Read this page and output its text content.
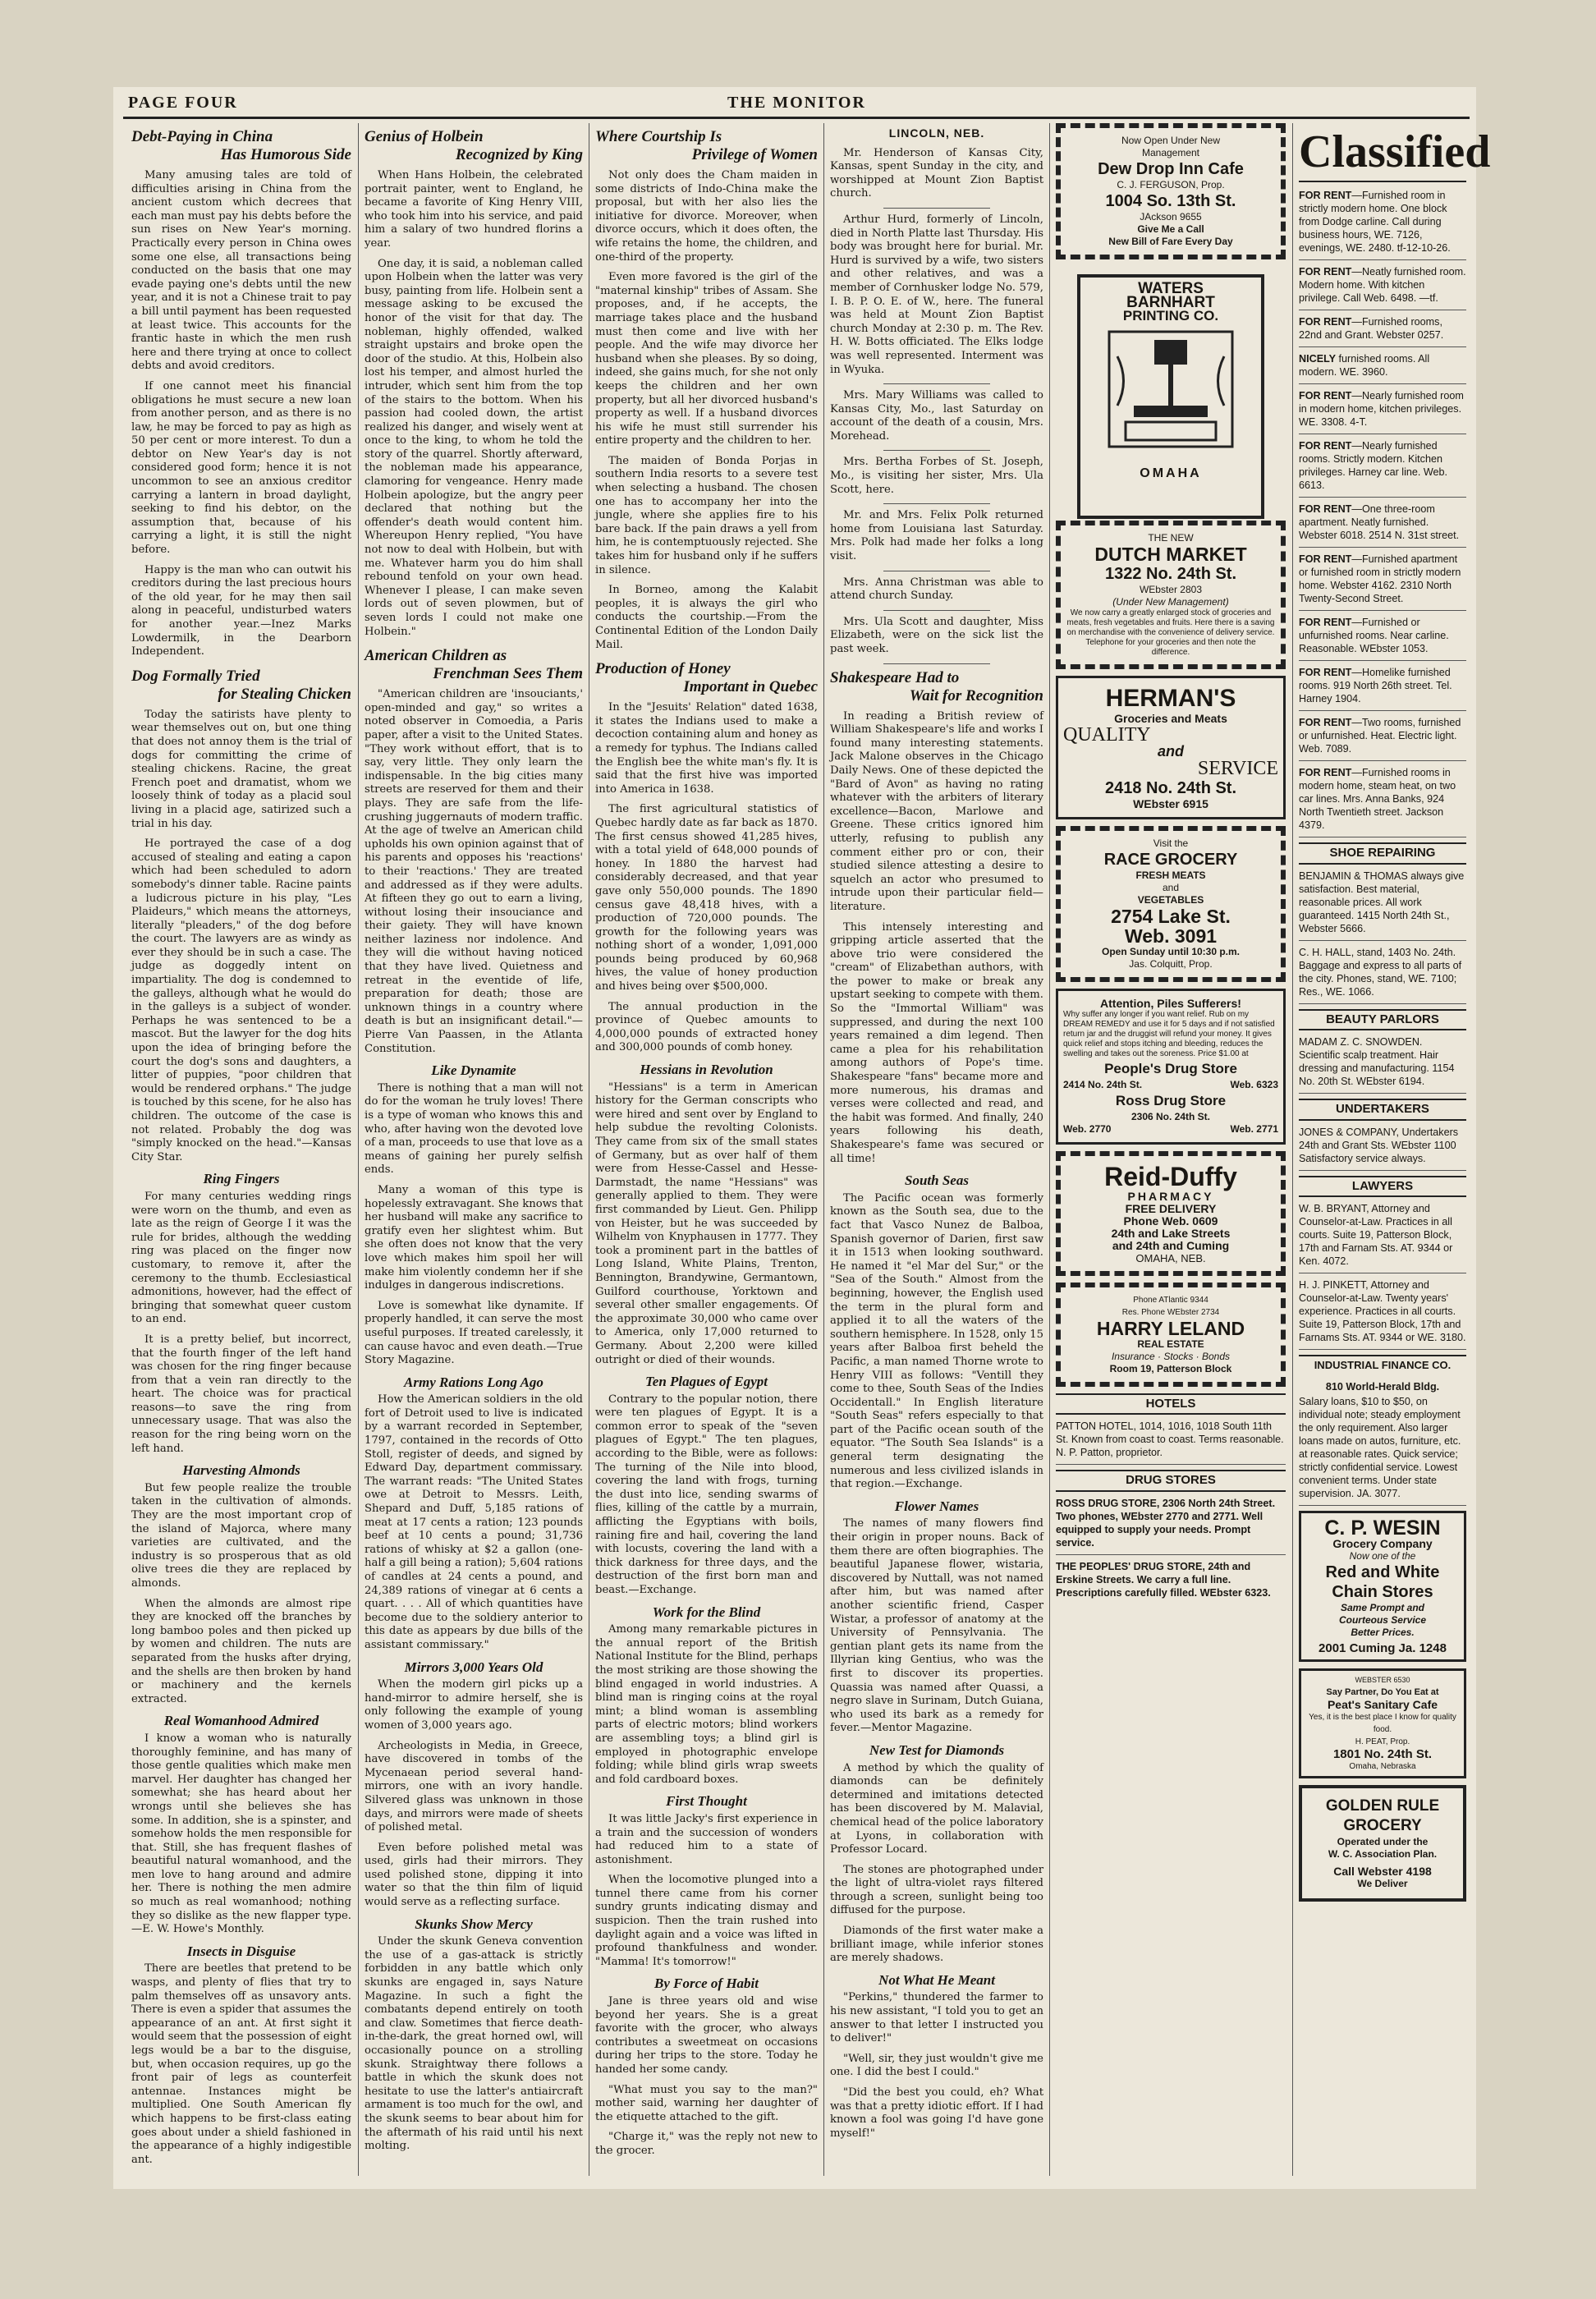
PAGE FOUR	THE MONITOR
Debt-Paying in China
Has Humorous Side
Many amusing tales are told of difficulties arising in China from the ancient custom which decrees that each man must pay his debts before the sun rises on New Year's morning. Practically every person in China owes some one else, all transactions being conducted on the basis that one may evade paying one's debts until the new year, and it is not a Chinese trait to pay a bill until payment has been requested at least twice. This accounts for the frantic haste in which the men rush here and there trying at once to collect debts and avoid creditors.
If one cannot meet his financial obligations he must secure a new loan from another person, and as there is no law, he may be forced to pay as high as 50 per cent or more interest. To dun a debtor on New Year's day is not considered good form; hence it is not uncommon to see an anxious creditor carrying a lantern in broad daylight, seeking to find his debtor, on the assumption that, because of his carrying a light, it is still the night before.
Happy is the man who can outwit his creditors during the last precious hours of the old year, for he may then sail along in peaceful, undisturbed waters for another year.—Inez Marks Lowdermilk, in the Dearborn Independent.
Dog Formally Tried
for Stealing Chicken
Today the satirists have plenty to wear themselves out on, but one thing that does not annoy them is the trial of dogs for committing the crime of stealing chickens. Racine, the great French poet and dramatist, whom we loosely think of today as a placid soul living in a placid age, satirized such a trial in his day.
He portrayed the case of a dog accused of stealing and eating a capon which had been scheduled to adorn somebody's dinner table. Racine paints a ludicrous picture in his play, "Les Plaideurs," which means the attorneys, literally "pleaders," of the dog before the court. The lawyers are as windy as ever they should be in such a case. The judge as doggedly intent on impartiality. The dog is condemned to the galleys, although what he would do in the galleys is a subject of wonder. Perhaps he was sentenced to be a mascot. But the lawyer for the dog hits upon the idea of bringing before the court the dog's sons and daughters, a litter of puppies, "poor children that would be rendered orphans." The judge is touched by this scene, for he also has children. The outcome of the case is not related. Probably the dog was "simply knocked on the head."—Kansas City Star.
Ring Fingers
For many centuries wedding rings were worn on the thumb, and even as late as the reign of George I it was the rule for brides, although the wedding ring was placed on the finger now customary, to remove it, after the ceremony to the thumb. Ecclesiastical admonitions, however, had the effect of bringing that somewhat queer custom to an end.
It is a pretty belief, but incorrect, that the fourth finger of the left hand was chosen for the ring finger because from that a vein ran directly to the heart. The choice was for practical reasons—to save the ring from unnecessary usage. That was also the reason for the ring being worn on the left hand.
Harvesting Almonds
But few people realize the trouble taken in the cultivation of almonds. They are the most important crop of the island of Majorca, where many varieties are cultivated, and the industry is so prosperous that as old olive trees die they are replaced by almonds.
When the almonds are almost ripe they are knocked off the branches by long bamboo poles and then picked up by women and children. The nuts are separated from the husks after drying, and the shells are then broken by hand or machinery and the kernels extracted.
Real Womanhood Admired
I know a woman who is naturally thoroughly feminine, and has many of those gentle qualities which make men marvel. Her daughter has changed her somewhat; she has heard about her wrongs until she believes she has some. In addition, she is a spinster, and somehow holds the men responsible for that. Still, she has frequent flashes of beautiful natural womanhood, and the men love to hang around and admire her. There is nothing the men admire so much as real womanhood; nothing they so dislike as the new flapper type.—E. W. Howe's Monthly.
Insects in Disguise
There are beetles that pretend to be wasps, and plenty of flies that try to palm themselves off as unsavory ants. There is even a spider that assumes the appearance of an ant. At first sight it would seem that the possession of eight legs would be a bar to the disguise, but, when occasion requires, up go the front pair of legs as counterfeit antennae. Instances might be multiplied. One South American fly which happens to be first-class eating goes about under a shield fashioned in the appearance of a highly indigestible ant.
Genius of Holbein
Recognized by King
When Hans Holbein, the celebrated portrait painter, went to England, he became a favorite of King Henry VIII, who took him into his service, and paid him a salary of two hundred florins a year.
One day, it is said, a nobleman called upon Holbein when the latter was very busy, painting from life. Holbein sent a message asking to be excused the honor of the visit for that day. The nobleman, highly offended, walked straight upstairs and broke open the door of the studio. At this, Holbein also lost his temper, and almost hurled the intruder, which sent him from the top of the stairs to the bottom. When his passion had cooled down, the artist realized his danger, and wisely went at once to the king, to whom he told the story of the quarrel. Shortly afterward, the nobleman made his appearance, clamoring for vengeance. Henry made Holbein apologize, but the angry peer declared that nothing but the offender's death would content him. Whereupon Henry replied, "You have not now to deal with Holbein, but with me. Whatever harm you do him shall rebound tenfold on your own head. Whenever I please, I can make seven lords out of seven plowmen, but of seven lords I could not make one Holbein."
American Children as
Frenchman Sees Them
"American children are 'insouciants,' open-minded and gay," so writes a noted observer in Comoedia, a Paris paper, after a visit to the United States. "They work without effort, that is to say, very little. They only learn the indispensable. In the big cities many streets are reserved for them and their plays. They are safe from the life-crushing juggernauts of modern traffic. At the age of twelve an American child upholds his own opinion against that of his parents and opposes his 'reactions' to their 'reactions.' They are treated and addressed as if they were adults. At fifteen they go out to earn a living, without losing their insouciance and their gaiety. They will have known neither laziness nor indolence. And they will die without having noticed that they have lived. Quietness and retreat in the eventide of life, preparation for death; those are unknown things in a country where death is but an insignificant detail."—Pierre Van Paassen, in the Atlanta Constitution.
Like Dynamite
There is nothing that a man will not do for the woman he truly loves! There is a type of woman who knows this and who, after having won the devoted love of a man, proceeds to use that love as a means of gaining her purely selfish ends.
Many a woman of this type is hopelessly extravagant. She knows that her husband will make any sacrifice to gratify even her slightest whim. But she often does not know that the very love which makes him spoil her will make him violently condemn her if she indulges in dangerous indiscretions.
Love is somewhat like dynamite. If properly handled, it can serve the most useful purposes. If treated carelessly, it can cause havoc and even death.—True Story Magazine.
Army Rations Long Ago
How the American soldiers in the old fort of Detroit used to live is indicated by a warrant recorded in September, 1797, contained in the records of Otto Stoll, register of deeds, and signed by Edward Day, department commissary. The warrant reads: "The United States owe at Detroit to Messrs. Leith, Shepard and Duff, 5,185 rations of meat at 17 cents a ration; 123 pounds beef at 10 cents a pound; 31,736 rations of whisky at $2 a gallon (one-half a gill being a ration); 5,604 rations of candles at 24 cents a pound, and 24,389 rations of vinegar at 6 cents a quart. . . . All of which quantities have become due to the soldiery anterior to this date as appears by due bills of the assistant commissary."
Mirrors 3,000 Years Old
When the modern girl picks up a hand-mirror to admire herself, she is only following the example of young women of 3,000 years ago.
Archeologists in Media, in Greece, have discovered in tombs of the Mycenaean period several hand-mirrors, one with an ivory handle. Silvered glass was unknown in those days, and mirrors were made of sheets of polished metal.
Even before polished metal was used, girls had their mirrors. They used polished stone, dipping it into water so that the thin film of liquid would serve as a reflecting surface.
Skunks Show Mercy
Under the skunk Geneva convention the use of a gas-attack is strictly forbidden in any battle which only skunks are engaged in, says Nature Magazine. In such a fight the combatants depend entirely on tooth and claw. Sometimes that fierce death-in-the-dark, the great horned owl, will occasionally pounce on a strolling skunk. Straightway there follows a battle in which the skunk does not hesitate to use the latter's antiaircraft armament is too much for the owl, and the skunk seems to bear about him for the aftermath of his raid until his next molting.
Where Courtship Is
Privilege of Women
Not only does the Cham maiden in some districts of Indo-China make the proposal, but with her also lies the initiative for divorce. Moreover, when divorce occurs, which it does often, the wife retains the home, the children, and one-third of the property.
Even more favored is the girl of the "maternal kinship" tribes of Assam. She proposes, and, if he accepts, the marriage takes place and the husband must then come and live with her people. And the wife may divorce her husband when she pleases. By so doing, indeed, she gains much, for she not only keeps the children and her own property, but all her divorced husband's property as well. If a husband divorces his wife he must still surrender his entire property and the children to her.
The maiden of Bonda Porjas in southern India resorts to a severe test when selecting a husband. The chosen one has to accompany her into the jungle, where she applies fire to his bare back. If the pain draws a yell from him, he is contemptuously rejected. She takes him for husband only if he suffers in silence.
In Borneo, among the Kalabit peoples, it is always the girl who conducts the courtship.—From the Continental Edition of the London Daily Mail.
Production of Honey
Important in Quebec
In the "Jesuits' Relation" dated 1638, it states the Indians used to make a decoction containing alum and honey as a remedy for typhus. The Indians called the English bee the white man's fly. It is said that the first hive was imported into America in 1638.
The first agricultural statistics of Quebec hardly date as far back as 1870. The first census showed 41,285 hives, with a total yield of 648,000 pounds of honey. In 1880 the harvest had considerably decreased, and that year gave only 550,000 pounds. The 1890 census gave 48,418 hives, with a production of 720,000 pounds. The growth for the following years was nothing short of a wonder, 1,091,000 pounds being produced by 60,968 hives, the value of honey production and hives being over $500,000.
The annual production in the province of Quebec amounts to 4,000,000 pounds of extracted honey and 300,000 pounds of comb honey.
Hessians in Revolution
"Hessians" is a term in American history for the German conscripts who were hired and sent over by England to help subdue the revolting Colonists. They came from six of the small states of Germany, but as over half of them were from Hesse-Cassel and Hesse-Darmstadt, the name "Hessians" was generally applied to them. They were first commanded by Lieut. Gen. Philipp von Heister, but he was succeeded by Wilhelm von Knyphausen in 1777. They took a prominent part in the battles of Long Island, White Plains, Trenton, Bennington, Brandywine, Germantown, Guilford courthouse, Yorktown and several other smaller engagements. Of the approximate 30,000 who came over to America, only 17,000 returned to Germany. About 2,200 were killed outright or died of their wounds.
Ten Plagues of Egypt
Contrary to the popular notion, there were ten plagues of Egypt. It is a common error to speak of the "seven plagues of Egypt." The ten plagues, according to the Bible, were as follows: The turning of the Nile into blood, covering the land with frogs, turning the dust into lice, sending swarms of flies, killing of the cattle by a murrain, afflicting the Egyptians with boils, raining fire and hail, covering the land with locusts, covering the land with a thick darkness for three days, and the destruction of the first born man and beast.—Exchange.
Work for the Blind
Among many remarkable pictures in the annual report of the British National Institute for the Blind, perhaps the most striking are those showing the blind engaged in world industries. A blind man is ringing coins at the royal mint; a blind woman is assembling parts of electric motors; blind workers are assembling toys; a blind girl is employed in photographic envelope folding; while blind girls wrap sweets and fold cardboard boxes.
First Thought
It was little Jacky's first experience in a train and the succession of wonders had reduced him to a state of astonishment.
When the locomotive plunged into a tunnel there came from his corner sundry grunts indicating dismay and suspicion. Then the train rushed into daylight again and a voice was lifted in profound thankfulness and wonder. "Mamma! It's tomorrow!"
By Force of Habit
Jane is three years old and wise beyond her years. She is a great favorite with the grocer, who always contributes a sweetmeat on occasions during her trips to the store. Today he handed her some candy.
"What must you say to the man?" mother said, warning her daughter of the etiquette attached to the gift.
"Charge it," was the reply not new to the grocer.
LINCOLN, NEB.
Mr. Henderson of Kansas City, Kansas, spent Sunday in the city, and worshipped at Mount Zion Baptist church.
Arthur Hurd, formerly of Lincoln, died in North Platte last Thursday. His body was brought here for burial. Mr. Hurd is survived by a wife, two sisters and other relatives, and was a member of Cornhusker lodge No. 579, I. B. P. O. E. of W., here. The funeral was held at Mount Zion Baptist church Monday at 2:30 p. m. The Rev. H. W. Botts officiated. The Elks lodge was well represented. Interment was in Wyuka.
Mrs. Mary Williams was called to Kansas City, Mo., last Saturday on account of the death of a cousin, Mrs. Morehead.
Mrs. Bertha Forbes of St. Joseph, Mo., is visiting her sister, Mrs. Ula Scott, here.
Mr. and Mrs. Felix Polk returned home from Louisiana last Saturday. Mrs. Polk had made her folks a long visit.
Mrs. Anna Christman was able to attend church Sunday.
Mrs. Ula Scott and daughter, Miss Elizabeth, were on the sick list the past week.
Shakespeare Had to
Wait for Recognition
In reading a British review of William Shakespeare's life and works I found many interesting statements. Jack Malone observes in the Chicago Daily News. One of these depicted the "Bard of Avon" as having no rating whatever with the arbiters of literary excellence—Bacon, Marlowe and Greene. These critics ignored him utterly, refusing to publish any comment either pro or con, their studied silence attesting a desire to squelch an actor who presumed to intrude upon their particular field—literature.
This intensely interesting and gripping article asserted that the above trio were considered the "cream" of Elizabethan authors, with the power to make or break any upstart seeking to compete with them. So the "Immortal William" was suppressed, and during the next 100 years remained a dim legend. Then came a plea for his rehabilitation among authors of Pope's time. Shakespeare "fans" became more and more numerous, his dramas and verses were collected and read, and the habit was formed. And finally, 240 years following his death, Shakespeare's fame was secured or all time!
South Seas
The Pacific ocean was formerly known as the South sea, due to the fact that Vasco Nunez de Balboa, Spanish governor of Darien, first saw it in 1513 when looking southward. He named it "el Mar del Sur," or the "Sea of the South." Almost from the beginning, however, the English used the term in the plural form and applied it to all the waters of the southern hemisphere. In 1528, only 15 years after Balboa first beheld the Pacific, a man named Thorne wrote to Henry VIII as follows: "Ventill they come to thee, South Seas of the Indies Occidentall." In English literature "South Seas" refers especially to that part of the Pacific ocean south of the equator. "The South Sea Islands" is a general term designating the numerous and less civilized islands in that region.—Exchange.
Flower Names
The names of many flowers find their origin in proper nouns. Back of them there are often biographies. The beautiful Japanese flower, wistaria, discovered by Nuttall, was not named after him, but was named after another scientific friend, Casper Wistar, a professor of anatomy at the University of Pennsylvania. The gentian plant gets its name from the Illyrian king Gentius, who was the first to discover its properties. Quassia was named after Quassi, a negro slave in Surinam, Dutch Guiana, who used its bark as a remedy for fever.—Mentor Magazine.
New Test for Diamonds
A method by which the quality of diamonds can be definitely determined and imitations detected has been discovered by M. Malavial, chemical head of the police laboratory at Lyons, in collaboration with Professor Locard.
The stones are photographed under the light of ultra-violet rays filtered through a screen, sunlight being too diffused for the purpose.
Diamonds of the first water make a brilliant image, while inferior stones are merely shadows.
Not What He Meant
"Perkins," thundered the farmer to his new assistant, "I told you to get an answer to that letter I instructed you to deliver!"
"Well, sir, they just wouldn't give me one. I did the best I could."
"Did the best you could, eh? What was that a pretty idiotic effort. If I had known a fool was going I'd have gone myself!"
Now Open Under New
Management
Dew Drop Inn Cafe
C. J. FERGUSON, Prop.
1004 So. 13th St.
JAckson 9655
Give Me a Call
New Bill of Fare Every Day
WATERS
BARNHART
PRINTING CO.
OMAHA
THE NEW
DUTCH MARKET
1322 No. 24th St.
WEbster 2803
(Under New Management)
We now carry a greatly enlarged stock of groceries and meats, fresh vegetables and fruits. Here there is a saving on merchandise with the convenience of delivery service. Telephone for your groceries and then note the difference.
HERMAN'S
Groceries and Meats
QUALITY
and
SERVICE
2418 No. 24th St.
WEbster 6915
Visit the
RACE GROCERY
FRESH MEATS
and
VEGETABLES
2754 Lake St.
Web. 3091
Open Sunday until 10:30 p.m.
Jas. Colquitt, Prop.
Attention, Piles Sufferers!
Why suffer any longer if you want relief. Rub on my DREAM REMEDY and use it for 5 days and if not satisfied return jar and the druggist will refund your money. It gives quick relief and stops itching and bleeding, reduces the swelling and takes out the soreness. Price $1.00 at
People's Drug Store
2414 No. 24th St.	Web. 6323
Ross Drug Store
2306 No. 24th St.
Web. 2770	Web. 2771
Reid-Duffy
PHARMACY
FREE DELIVERY
Phone Web. 0609
24th and Lake Streets
and 24th and Cuming
OMAHA, NEB.
Phone ATlantic 9344
Res. Phone WEbster 2734
HARRY LELAND
REAL ESTATE
Insurance · Stocks · Bonds
Room 19, Patterson Block
HOTELS
PATTON HOTEL, 1014, 1016, 1018 South 11th St. Known from coast to coast. Terms reasonable. N. P. Patton, proprietor.
DRUG STORES
ROSS DRUG STORE, 2306 North 24th Street. Two phones, WEbster 2770 and 2771. Well equipped to supply your needs. Prompt service.
THE PEOPLES' DRUG STORE, 24th and Erskine Streets. We carry a full line. Prescriptions carefully filled. WEbster 6323.
Classified
FOR RENT—Furnished room in strictly modern home. One block from Dodge carline. Call during business hours, WE. 7126, evenings, WE. 2480. tf-12-10-26.
FOR RENT—Neatly furnished room. Modern home. With kitchen privilege. Call Web. 6498. —tf.
FOR RENT—Furnished rooms, 22nd and Grant. Webster 0257.
NICELY furnished rooms. All modern. WE. 3960.
FOR RENT—Nearly furnished room in modern home, kitchen privileges. WE. 3308. 4-T.
FOR RENT—Nearly furnished rooms. Strictly modern. Kitchen privileges. Harney car line. Web. 6613.
FOR RENT—One three-room apartment. Neatly furnished. Webster 6018. 2514 N. 31st street.
FOR RENT—Furnished apartment or furnished room in strictly modern home. Webster 4162. 2310 North Twenty-Second Street.
FOR RENT—Furnished or unfurnished rooms. Near carline. Reasonable. WEbster 1053.
FOR RENT—Homelike furnished rooms. 919 North 26th street. Tel. Harney 1904.
FOR RENT—Two rooms, furnished or unfurnished. Heat. Electric light. Web. 7089.
FOR RENT—Furnished rooms in modern home, steam heat, on two car lines. Mrs. Anna Banks, 924 North Twentieth street. Jackson 4379.
SHOE REPAIRING
BENJAMIN & THOMAS always give satisfaction. Best material, reasonable prices. All work guaranteed. 1415 North 24th St., Webster 5666.
C. H. HALL, stand, 1403 No. 24th. Baggage and express to all parts of the city. Phones, stand, WE. 7100; Res., WE. 1066.
BEAUTY PARLORS
MADAM Z. C. SNOWDEN. Scientific scalp treatment. Hair dressing and manufacturing. 1154 No. 20th St. WEbster 6194.
UNDERTAKERS
JONES & COMPANY, Undertakers 24th and Grant Sts. WEbster 1100 Satisfactory service always.
LAWYERS
W. B. BRYANT, Attorney and Counselor-at-Law. Practices in all courts. Suite 19, Patterson Block, 17th and Farnam Sts. AT. 9344 or Ken. 4072.
H. J. PINKETT, Attorney and Counselor-at-Law. Twenty years' experience. Practices in all courts. Suite 19, Patterson Block, 17th and Farnams Sts. AT. 9344 or WE. 3180.
INDUSTRIAL FINANCE CO.
810 World-Herald Bldg.
Salary loans, $10 to $50, on individual note; steady employment the only requirement. Also larger loans made on autos, furniture, etc. at reasonable rates. Quick service; strictly confidential service. Lowest convenient terms. Under state supervision. JA. 3077.
C. P. WESIN
Grocery Company
Now one of the
Red and White
Chain Stores
Same Prompt and
Courteous Service
Better Prices.
2001 Cuming Ja. 1248
WEBSTER 6530
Say Partner, Do You Eat at
Peat's Sanitary Cafe
Yes, it is the best place I know for quality food.
H. PEAT, Prop.
1801 No. 24th St.
Omaha, Nebraska
GOLDEN RULE
GROCERY
Operated under the
W. C. Association Plan.
Call Webster 4198
We Deliver
